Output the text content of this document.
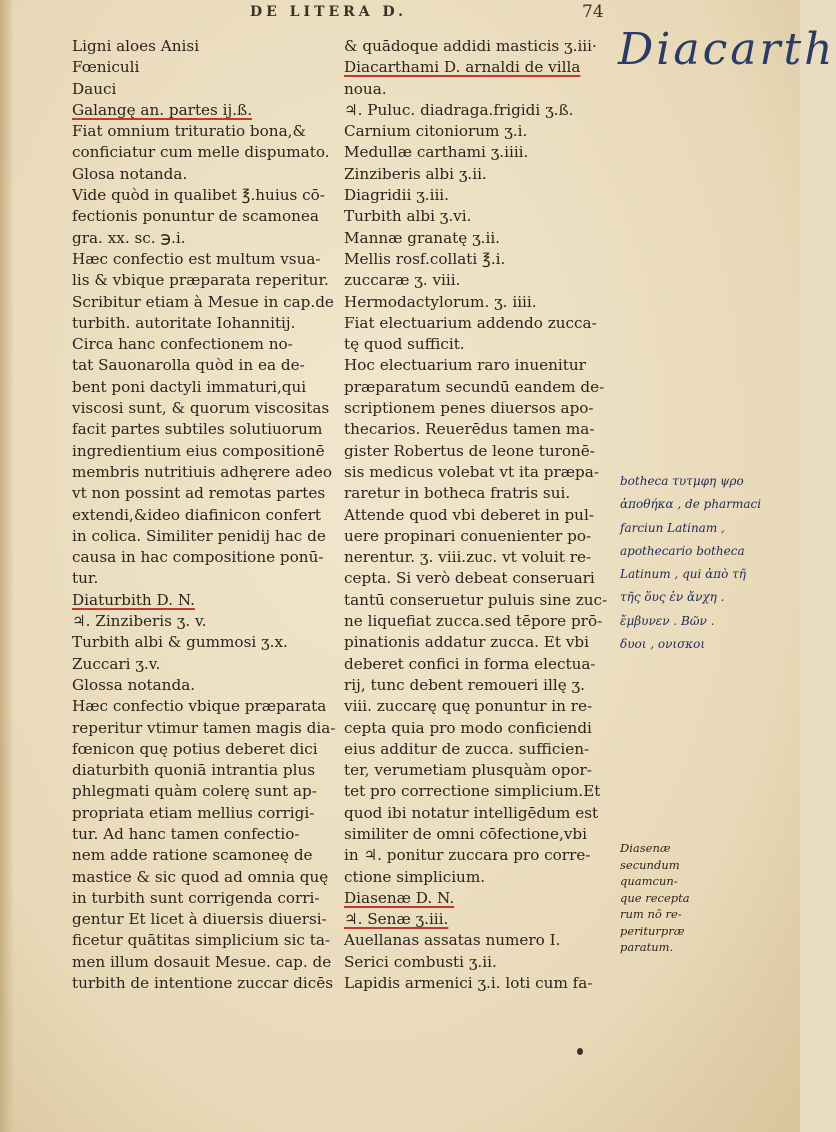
DE LITERA D.	74
Ligni aloes Anisi
Fœniculi
Dauci
Galangę an. partes ij.ß.
Fiat omnium trituratio bona,&
conficiatur cum melle dispumato.
Glosa notanda.
Vide quòd in qualibet ℥.huius cō-
fectionis ponuntur de scamonea
gra. xx. sc. ℈.i.
Hæc confectio est multum vsua-
lis & vbique præparata reperitur.
Scribitur etiam à Mesue in cap.de
turbith. autoritate Iohannitij.
Circa hanc confectionem no-
tat Sauonarolla quòd in ea de-
bent poni dactyli immaturi,qui
viscosi sunt, & quorum viscositas
facit partes subtiles solutiuorum
ingredientium eius compositionē
membris nutritiuis adhęrere adeo
vt non possint ad remotas partes
extendi,&ideo diafinicon confert
in colica. Similiter penidij hac de
causa in hac compositione ponū-
tur.
Diaturbith D. N.
♃. Zinziberis ʒ. v.
Turbith albi & gummosi ʒ.x.
Zuccari ʒ.v.
Glossa notanda.
Hæc confectio vbique præparata
reperitur vtimur tamen magis dia-
fœnicon quę potius deberet dici
diaturbith quoniā intrantia plus
phlegmati quàm colerę sunt ap-
propriata etiam mellius corrigi-
tur. Ad hanc tamen confectio-
nem adde ratione scamoneę de
mastice & sic quod ad omnia quę
in turbith sunt corrigenda corri-
gentur Et licet à diuersis diuersi-
ficetur quātitas simplicium sic ta-
men illum dosauit Mesue. cap. de
turbith de intentione zuccar dicēs
& quādoque addidi masticis ʒ.iii·
Diacarthami D. arnaldi de villa
noua.
♃. Puluc. diadraga.frigidi ʒ.ß.
Carnium citoniorum ʒ.i.
Medullæ carthami ʒ.iiii.
Zinziberis albi ʒ.ii.
Diagridii ʒ.iii.
Turbith albi ʒ.vi.
Mannæ granatę ʒ.ii.
Mellis rosf.collati ℥.i.
zuccaræ ʒ. viii.
Hermodactylorum. ʒ. iiii.
Fiat electuarium addendo zucca-
tę quod sufficit.
Hoc electuarium raro inuenitur
præparatum secundū eandem de-
scriptionem penes diuersos apo-
thecarios. Reuerēdus tamen ma-
gister Robertus de leone turonē-
sis medicus volebat vt ita præpa-
raretur in botheca fratris sui.
Attende quod vbi deberet in pul-
uere propinari conuenienter po-
nerentur. ʒ. viii.zuc. vt voluit re-
cepta. Si verò debeat conseruari
tantū conseruetur puluis sine zuc-
ne liquefiat zucca.sed tēpore prō-
pinationis addatur zucca. Et vbi
deberet confici in forma electua-
rij, tunc debent remoueri illę ʒ.
viii. zuccarę quę ponuntur in re-
cepta quia pro modo conficiendi
eius additur de zucca. sufficien-
ter, verumetiam plusquàm opor-
tet pro correctione simplicium.Et
quod ibi notatur intelligēdum est
similiter de omni cōfectione,vbi
in ♃. ponitur zuccara pro corre-
ctione simplicium.
Diasenæ D. N.
♃. Senæ ʒ.iii.
Auellanas assatas numero I.
Serici combusti ʒ.ii.
Lapidis armenici ʒ.i. loti cum fa-
Diacarth
botheca τυτμφη ψρο
ἀποθήκα , de pharmaci
farciun Latinam ,
apothecario botheca
Latinum , qui ἀπὸ τῆ
τῆς ὅυς ἐν ἄνχη .
ἔμβυνεν . Βῶν .
δυοι , ονισκοι
Diasenæ
secundum
quamcun-
que recepta
rum nō re-
periturpræ
paratum.
